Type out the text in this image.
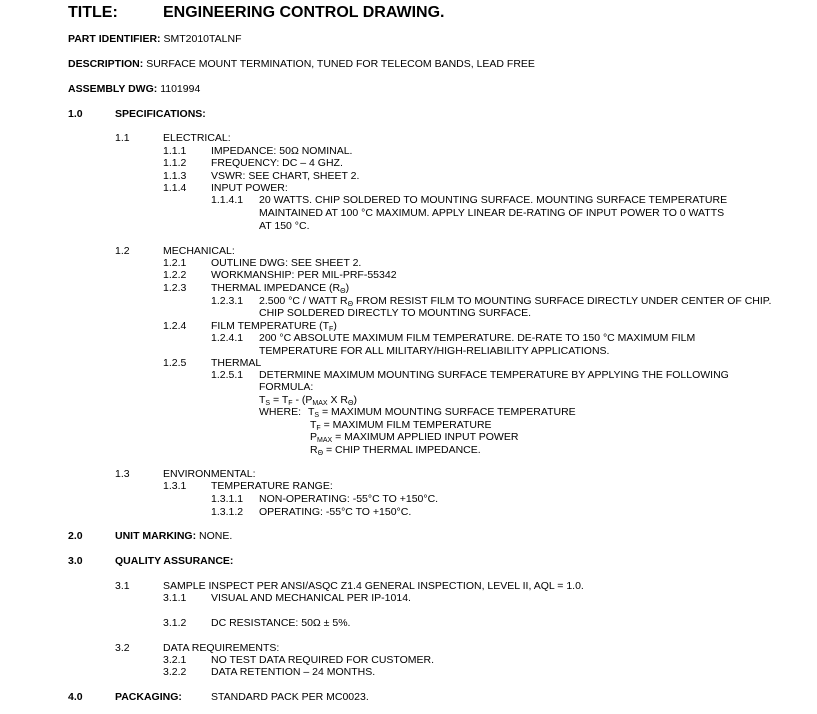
TITLE:	ENGINEERING CONTROL DRAWING.
PART IDENTIFIER: SMT2010TALNF
DESCRIPTION: SURFACE MOUNT TERMINATION, TUNED FOR TELECOM BANDS, LEAD FREE
ASSEMBLY DWG: 1101994
1.0	SPECIFICATIONS:
1.1	ELECTRICAL:
1.1.1 IMPEDANCE: 50Ω NOMINAL.
1.1.2 FREQUENCY: DC – 4 GHZ.
1.1.3 VSWR: SEE CHART, SHEET 2.
1.1.4 INPUT POWER:
1.1.4.1 20 WATTS. CHIP SOLDERED TO MOUNTING SURFACE. MOUNTING SURFACE TEMPERATURE
MAINTAINED AT 100 °C MAXIMUM. APPLY LINEAR DE-RATING OF INPUT POWER TO 0 WATTS
AT 150 °C.
1.2	MECHANICAL:
1.2.1 OUTLINE DWG: SEE SHEET 2.
1.2.2 WORKMANSHIP: PER MIL-PRF-55342
1.2.3 THERMAL IMPEDANCE $(R_\Theta)$
1.2.3.1 2.500 °C / WATT $R_\Theta$ FROM RESIST FILM TO MOUNTING SURFACE DIRECTLY UNDER CENTER OF CHIP.
CHIP SOLDERED DIRECTLY TO MOUNTING SURFACE.
1.2.4 FILM TEMPERATURE $(T_F)$
1.2.4.1 200 °C ABSOLUTE MAXIMUM FILM TEMPERATURE. DE-RATE TO 150 °C MAXIMUM FILM
TEMPERATURE FOR ALL MILITARY/HIGH-RELIABILITY APPLICATIONS.
1.2.5 THERMAL
1.2.5.1 DETERMINE MAXIMUM MOUNTING SURFACE TEMPERATURE BY APPLYING THE FOLLOWING
FORMULA:
$T_S = T_F - (P_{MAX}$ X $R_\Theta$)
WHERE: $T_S$ = MAXIMUM MOUNTING SURFACE TEMPERATURE
$T_F$ = MAXIMUM FILM TEMPERATURE
$P_{MAX}$ = MAXIMUM APPLIED INPUT POWER
$R_\Theta$ = CHIP THERMAL IMPEDANCE.
1.3	ENVIRONMENTAL:
1.3.1 TEMPERATURE RANGE:
1.3.1.1 NON-OPERATING: -55°C TO +150°C.
1.3.1.2 OPERATING: -55°C TO +150°C.
2.0	UNIT MARKING: NONE.
3.0	QUALITY ASSURANCE:
3.1	SAMPLE INSPECT PER ANSI/ASQC Z1.4 GENERAL INSPECTION, LEVEL II, AQL = 1.0.
3.1.1 VISUAL AND MECHANICAL PER IP-1014.
3.1.2 DC RESISTANCE: 50Ω ± 5%.
3.2	DATA REQUIREMENTS:
3.2.1 NO TEST DATA REQUIRED FOR CUSTOMER.
3.2.2 DATA RETENTION – 24 MONTHS.
4.0	PACKAGING:	STANDARD PACK PER MC0023.
